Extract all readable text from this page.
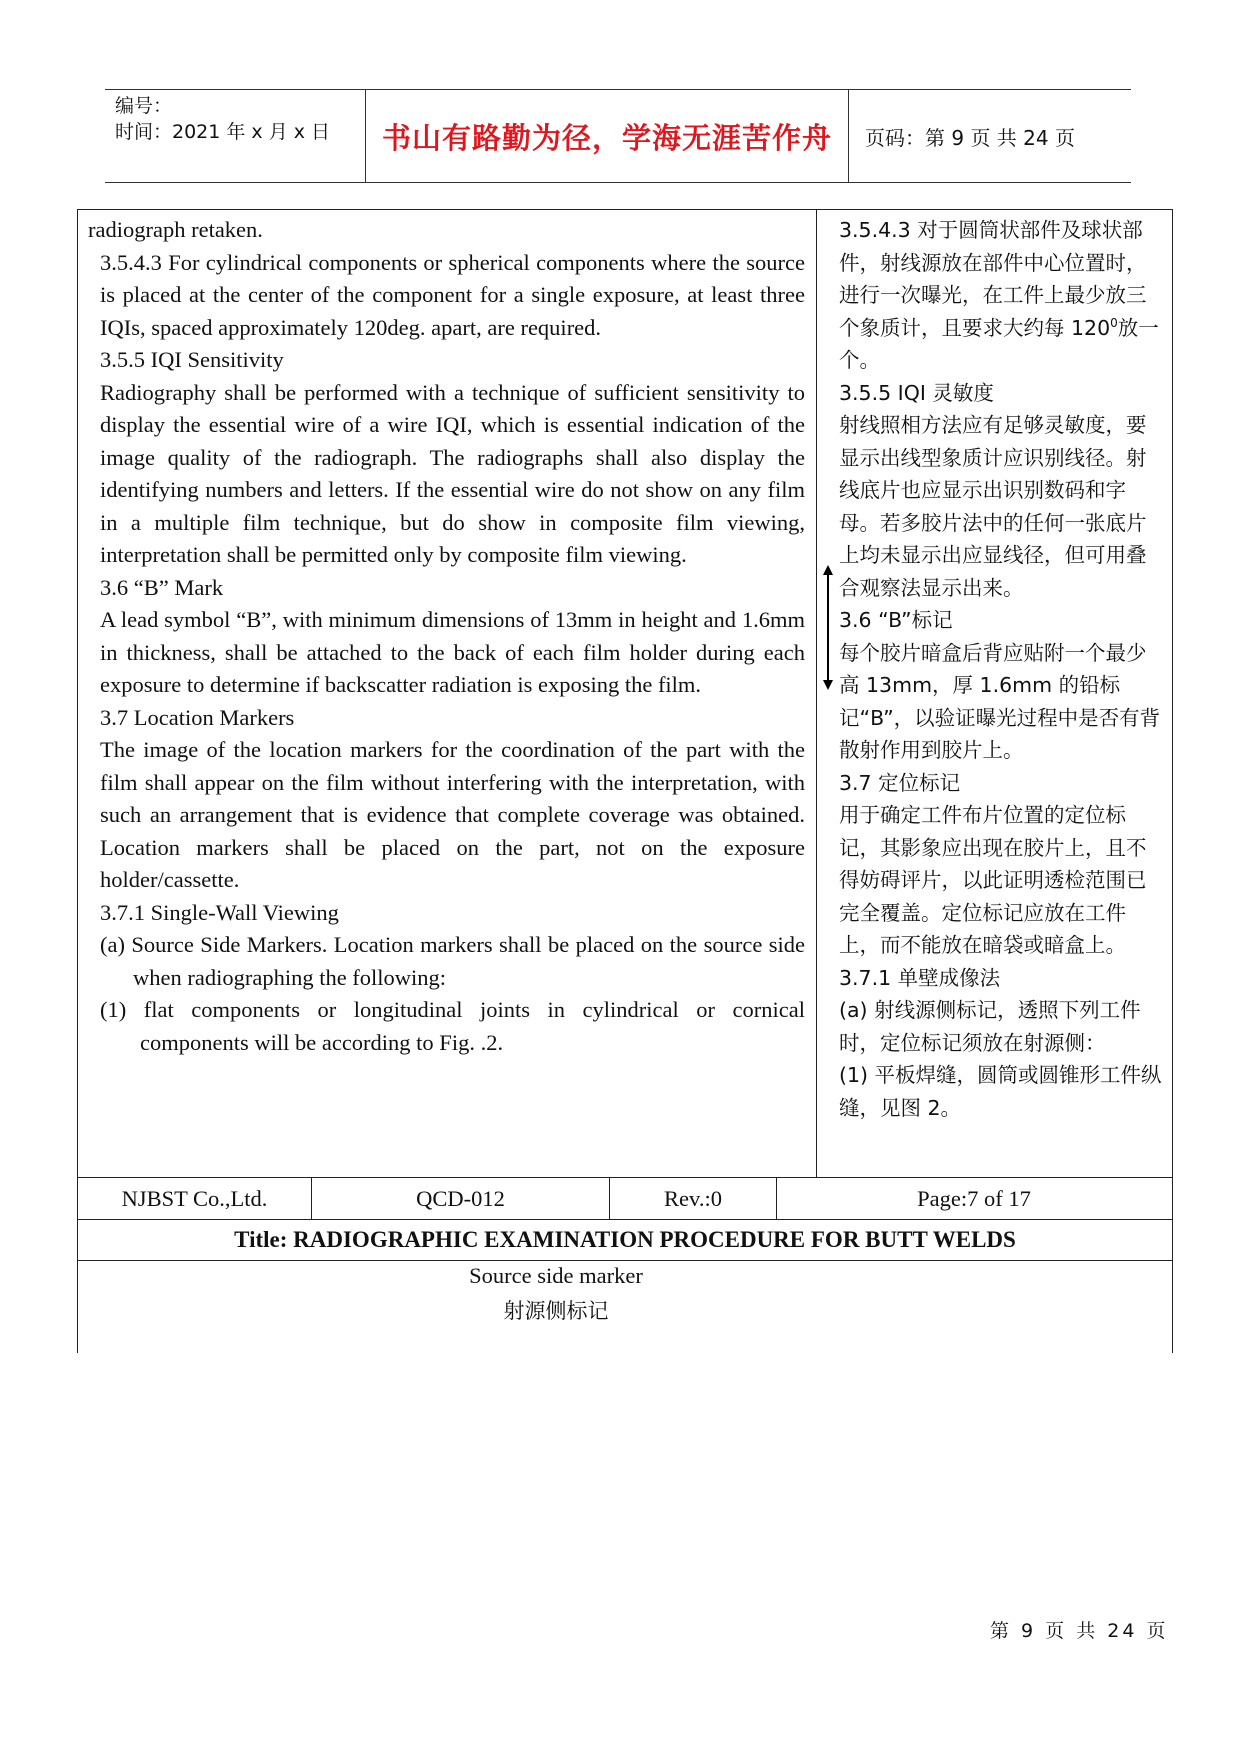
编号：
时间：2021 年 x 月 x 日	书山有路勤为径，学海无涯苦作舟	页码：第 9 页 共 24 页

radiograph retaken.

3.5.4.3 For cylindrical components or spherical components where the source is placed at the center of the component for a single exposure, at least three IQIs, spaced approximately 120deg. apart, are required.

3.5.5 IQI Sensitivity

Radiography shall be performed with a technique of sufficient sensitivity to display the essential wire of a wire IQI, which is essential indication of the image quality of the radiograph. The radiographs shall also display the identifying numbers and letters. If the essential wire do not show on any film in a multiple film technique, but do show in composite film viewing, interpretation shall be permitted only by composite film viewing.

3.6 “B” Mark

A lead symbol “B”, with minimum dimensions of 13mm in height and 1.6mm in thickness, shall be attached to the back of each film holder during each exposure to determine if backscatter radiation is exposing the film.

3.7 Location Markers

The image of the location markers for the coordination of the part with the film shall appear on the film without interfering with the interpretation, with such an arrangement that is evidence that complete coverage was obtained. Location markers shall be placed on the part, not on the exposure holder/cassette.

3.7.1 Single-Wall Viewing

(a) Source Side Markers. Location markers shall be placed on the source side when radiographing the following:

(1) flat components or longitudinal joints in cylindrical or cornical components will be according to Fig. .2.

3.5.4.3 对于圆筒状部件及球状部件，射线源放在部件中心位置时，进行一次曝光，在工件上最少放三个象质计，且要求大约每 $120^0$放一个。

3.5.5 IQI 灵敏度

射线照相方法应有足够灵敏度，要显示出线型象质计应识别线径。射线底片也应显示出识别数码和字母。若多胶片法中的任何一张底片上均未显示出应显线径，但可用叠 合观察法显示出来。

3.6 “B”标记

每个胶片暗盒后背应贴附一个最少高 13mm，厚 1.6mm 的铅标记“B”，以验证曝光过程中是否有背散射作用到胶片上。

3.7 定位标记

用于确定工件布片位置的定位标记，其影象应出现在胶片上，且不得妨碍评片，以此证明透检范围已完全覆盖。定位标记应放在工件上，而不能放在暗袋或暗盒上。

3.7.1 单壁成像法

(a) 射线源侧标记，透照下列工件时，定位标记须放在射源侧：

(1) 平板焊缝，圆筒或圆锥形工件纵缝，见图 2。

NJBST Co.,Ltd.	QCD-012	Rev.:0	Page:7 of 17
Title: RADIOGRAPHIC EXAMINATION PROCEDURE FOR BUTT WELDS
Source side marker
射源侧标记
第 9 页 共 24 页
